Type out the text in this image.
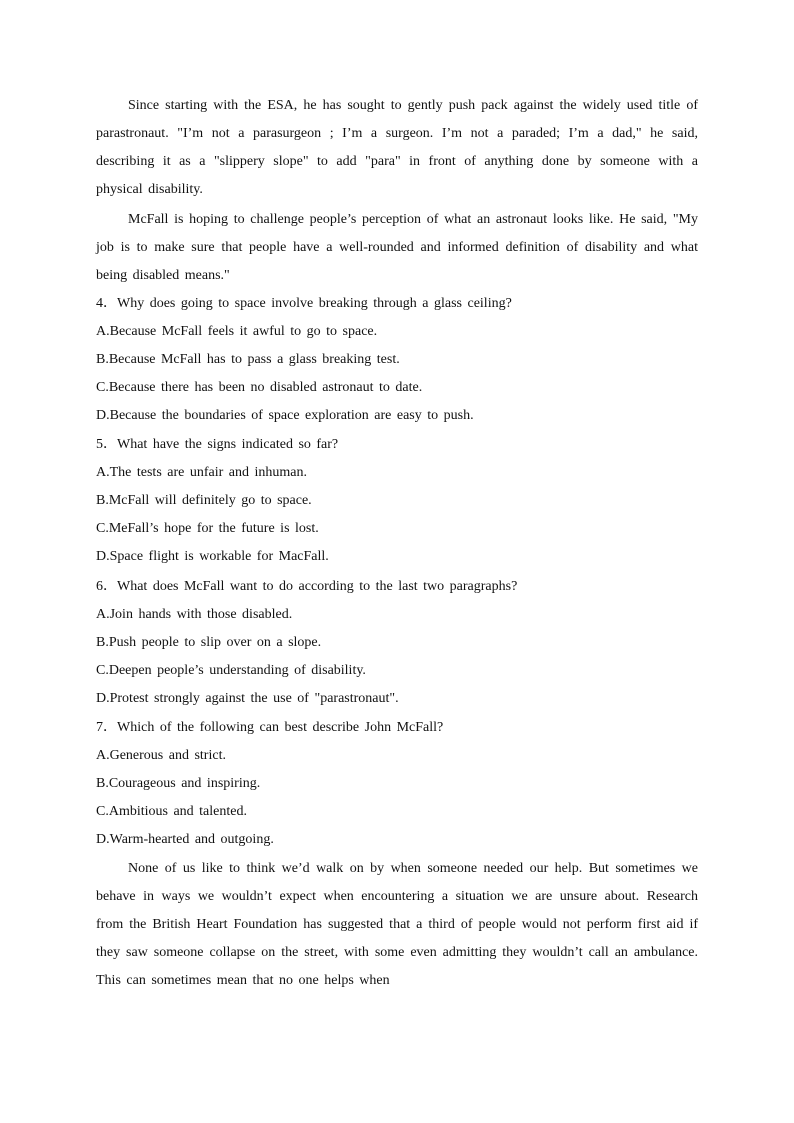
Since starting with the ESA, he has sought to gently push pack against the widely used title of parastronaut. "I’m not a parasurgeon ; I’m a surgeon. I’m not a paraded; I’m a dad," he said, describing it as a "slippery slope" to add "para" in front of anything done by someone with a physical disability.

McFall is hoping to challenge people’s perception of what an astronaut looks like. He said, "My job is to make sure that people have a well-rounded and informed definition of disability and what being disabled means."

4．Why does going to space involve breaking through a glass ceiling?
A.Because McFall feels it awful to go to space.
B.Because McFall has to pass a glass breaking test.
C.Because there has been no disabled astronaut to date.
D.Because the boundaries of space exploration are easy to push.
5．What have the signs indicated so far?
A.The tests are unfair and inhuman.
B.McFall will definitely go to space.
C.MeFall’s hope for the future is lost.
D.Space flight is workable for MacFall.
6．What does McFall want to do according to the last two paragraphs?
A.Join hands with those disabled.
B.Push people to slip over on a slope.
C.Deepen people’s understanding of disability.
D.Protest strongly against the use of "parastronaut".
7．Which of the following can best describe John McFall?
A.Generous and strict.
B.Courageous and inspiring.
C.Ambitious and talented.
D.Warm-hearted and outgoing.

None of us like to think we’d walk on by when someone needed our help. But sometimes we behave in ways we wouldn’t expect when encountering a situation we are unsure about. Research from the British Heart Foundation has suggested that a third of people would not perform first aid if they saw someone collapse on the street, with some even admitting they wouldn’t call an ambulance. This can sometimes mean that no one helps when
